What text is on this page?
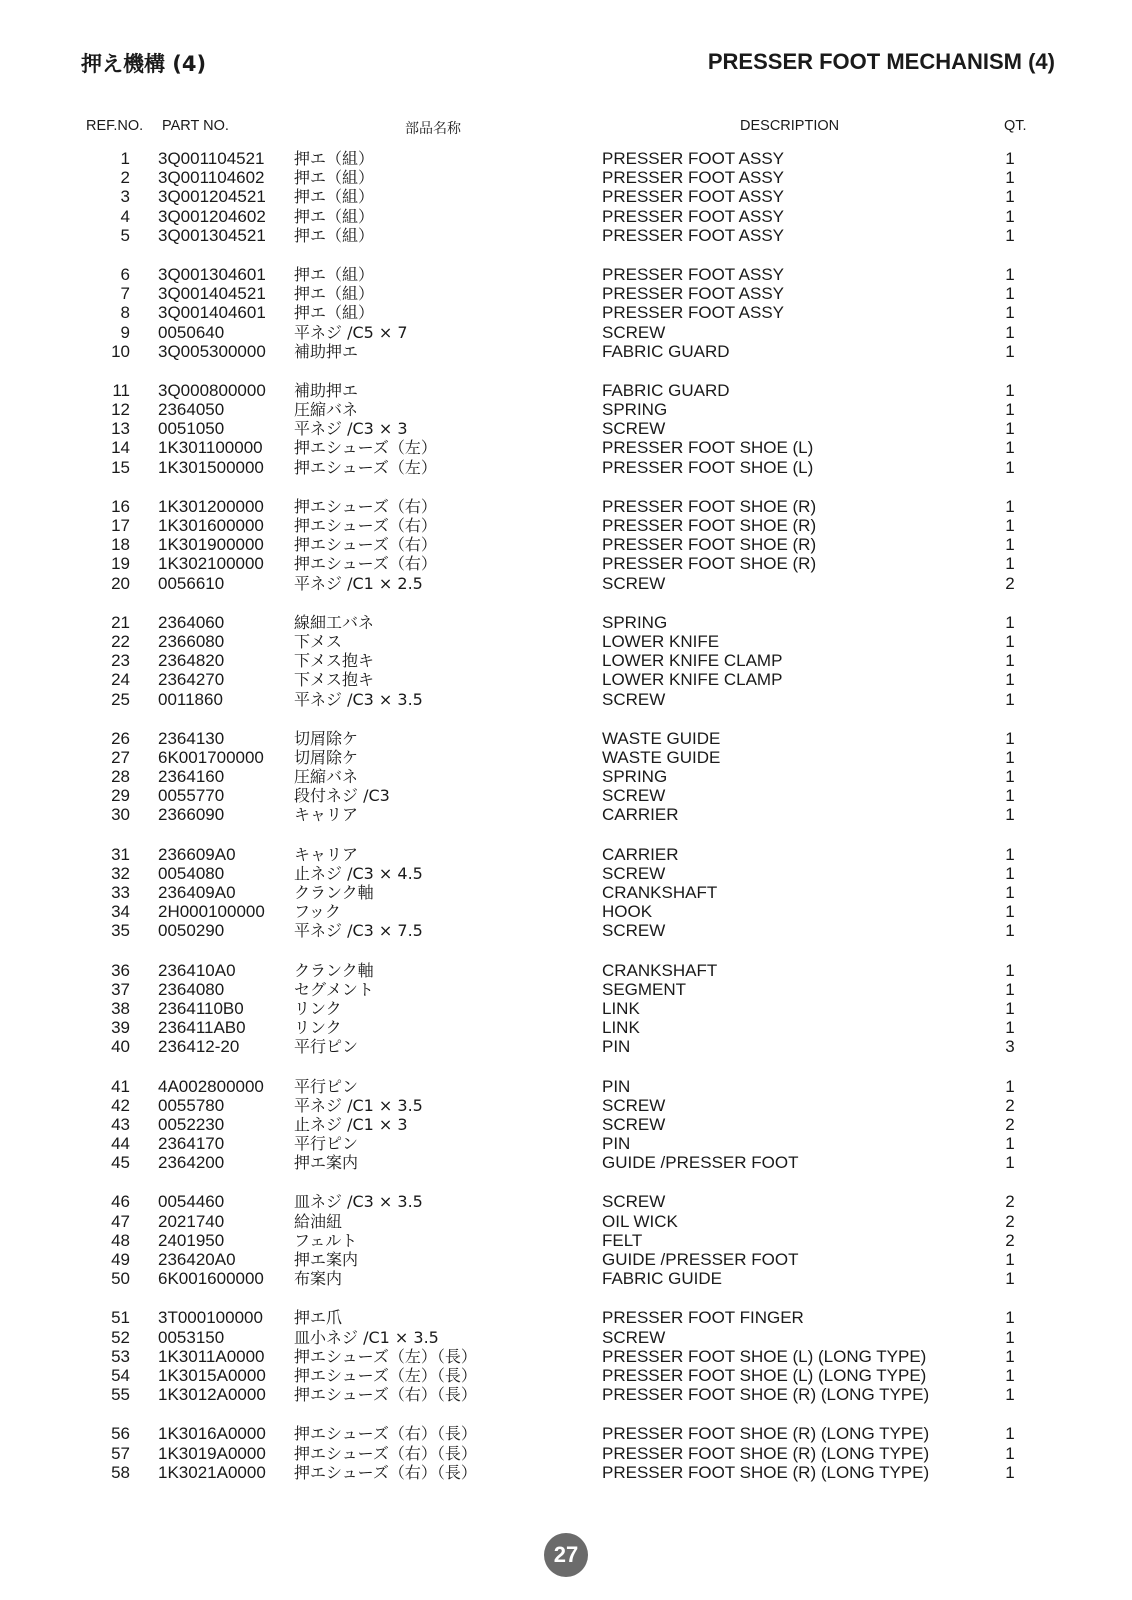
押え機構 (4)	PRESSER FOOT MECHANISM (4)
REF.NO. PART NO.	部品名称	DESCRIPTION	QT.
1 3Q001104521 押エ（組）	PRESSER FOOT ASSY	1
2 3Q001104602 押エ（組）	PRESSER FOOT ASSY	1
3 3Q001204521 押エ（組）	PRESSER FOOT ASSY	1
4 3Q001204602 押エ（組）	PRESSER FOOT ASSY	1
5 3Q001304521 押エ（組）	PRESSER FOOT ASSY	1
6 3Q001304601 押エ（組）	PRESSER FOOT ASSY	1
7 3Q001404521 押エ（組）	PRESSER FOOT ASSY	1
8 3Q001404601 押エ（組）	PRESSER FOOT ASSY	1
9 0050640	平ネジ /C5 × 7	SCREW	1
10 3Q005300000 補助押エ	FABRIC GUARD	1
11 3Q000800000 補助押エ	FABRIC GUARD	1
12 2364050	圧縮バネ	SPRING	1
13 0051050	平ネジ /C3 × 3	SCREW	1
14 1K301100000 押エシューズ（左）	PRESSER FOOT SHOE (L)	1
15 1K301500000 押エシューズ（左）	PRESSER FOOT SHOE (L)	1
16 1K301200000 押エシューズ（右）	PRESSER FOOT SHOE (R)	1
17 1K301600000 押エシューズ（右）	PRESSER FOOT SHOE (R)	1
18 1K301900000 押エシューズ（右）	PRESSER FOOT SHOE (R)	1
19 1K302100000 押エシューズ（右）	PRESSER FOOT SHOE (R)	1
20 0056610	平ネジ /C1 × 2.5	SCREW	2
21 2364060	線細工バネ	SPRING	1
22 2366080	下メス	LOWER KNIFE	1
23 2364820	下メス抱キ	LOWER KNIFE CLAMP	1
24 2364270	下メス抱キ	LOWER KNIFE CLAMP	1
25 0011860	平ネジ /C3 × 3.5	SCREW	1
26 2364130	切屑除ケ	WASTE GUIDE	1
27 6K001700000 切屑除ケ	WASTE GUIDE	1
28 2364160	圧縮バネ	SPRING	1
29 0055770	段付ネジ /C3	SCREW	1
30 2366090	キャリア	CARRIER	1
31 236609A0	キャリア	CARRIER	1
32 0054080	止ネジ /C3 × 4.5	SCREW	1
33 236409A0	クランク軸	CRANKSHAFT	1
34 2H000100000 フック	HOOK	1
35 0050290	平ネジ /C3 × 7.5	SCREW	1
36 236410A0	クランク軸	CRANKSHAFT	1
37 2364080	セグメント	SEGMENT	1
38 2364110B0	リンク	LINK	1
39 236411AB0	リンク	LINK	1
40 236412-20	平行ピン	PIN	3
41 4A002800000 平行ピン	PIN	1
42 0055780	平ネジ /C1 × 3.5	SCREW	2
43 0052230	止ネジ /C1 × 3	SCREW	2
44 2364170	平行ピン	PIN	1
45 2364200	押エ案内	GUIDE /PRESSER FOOT	1
46 0054460	皿ネジ /C3 × 3.5	SCREW	2
47 2021740	給油紐	OIL WICK	2
48 2401950	フェルト	FELT	2
49 236420A0	押エ案内	GUIDE /PRESSER FOOT	1
50 6K001600000 布案内	FABRIC GUIDE	1
51 3T000100000 押エ爪	PRESSER FOOT FINGER	1
52 0053150	皿小ネジ /C1 × 3.5	SCREW	1
53 1K3011A0000 押エシューズ（左）（長）	PRESSER FOOT SHOE (L) (LONG TYPE)	1
54 1K3015A0000 押エシューズ（左）（長）	PRESSER FOOT SHOE (L) (LONG TYPE)	1
55 1K3012A0000 押エシューズ（右）（長）	PRESSER FOOT SHOE (R) (LONG TYPE)	1
56 1K3016A0000 押エシューズ（右）（長）	PRESSER FOOT SHOE (R) (LONG TYPE)	1
57 1K3019A0000 押エシューズ（右）（長）	PRESSER FOOT SHOE (R) (LONG TYPE)	1
58 1K3021A0000 押エシューズ（右）（長）	PRESSER FOOT SHOE (R) (LONG TYPE)	1
27
